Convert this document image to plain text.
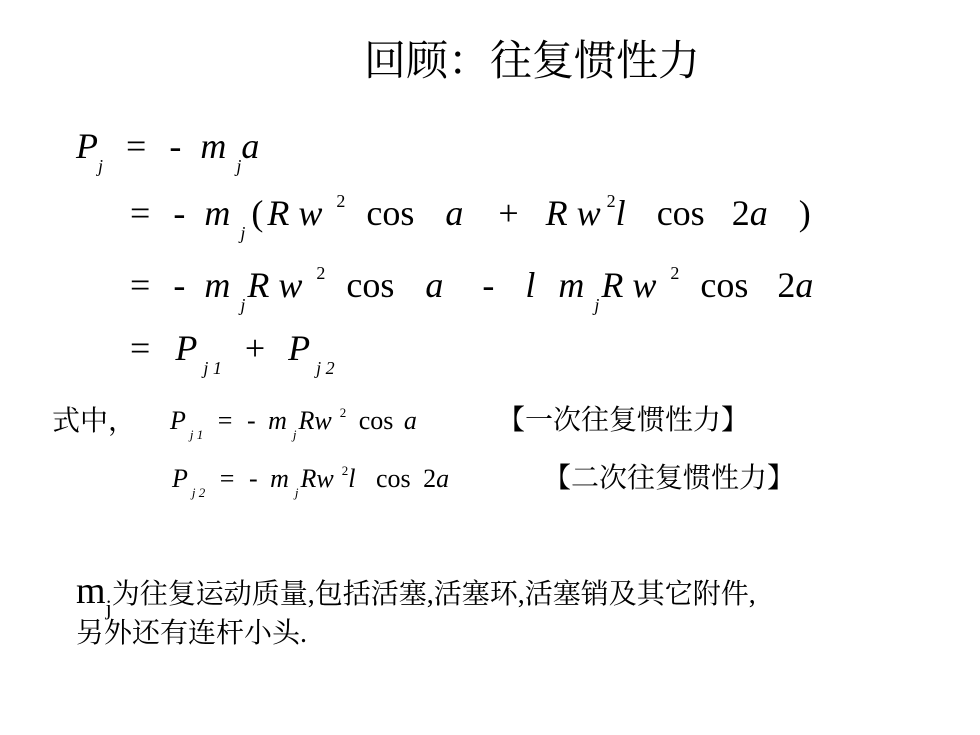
回顾：往复惯性力
$P_j$ = - m $_j$a
= - m $_j$ ( R w $^2$ cos a + R w $^2$l cos 2a )
= - m $_j$R w $^2$ cos a - l m $_j$R w $^2$ cos 2a
= P $_{j 1}$ + P $_{j 2}$
式中， P $_{j 1}$ = - m $_j$Rw $^2$ cos a	【一次往复惯性力】
P $_{j 2}$ = - m $_j$Rw $^2$l cos 2a	【二次往复惯性力】
$m_j$为往复运动质量,包括活塞,活塞环,活塞销及其它附件,
另外还有连杆小头.
